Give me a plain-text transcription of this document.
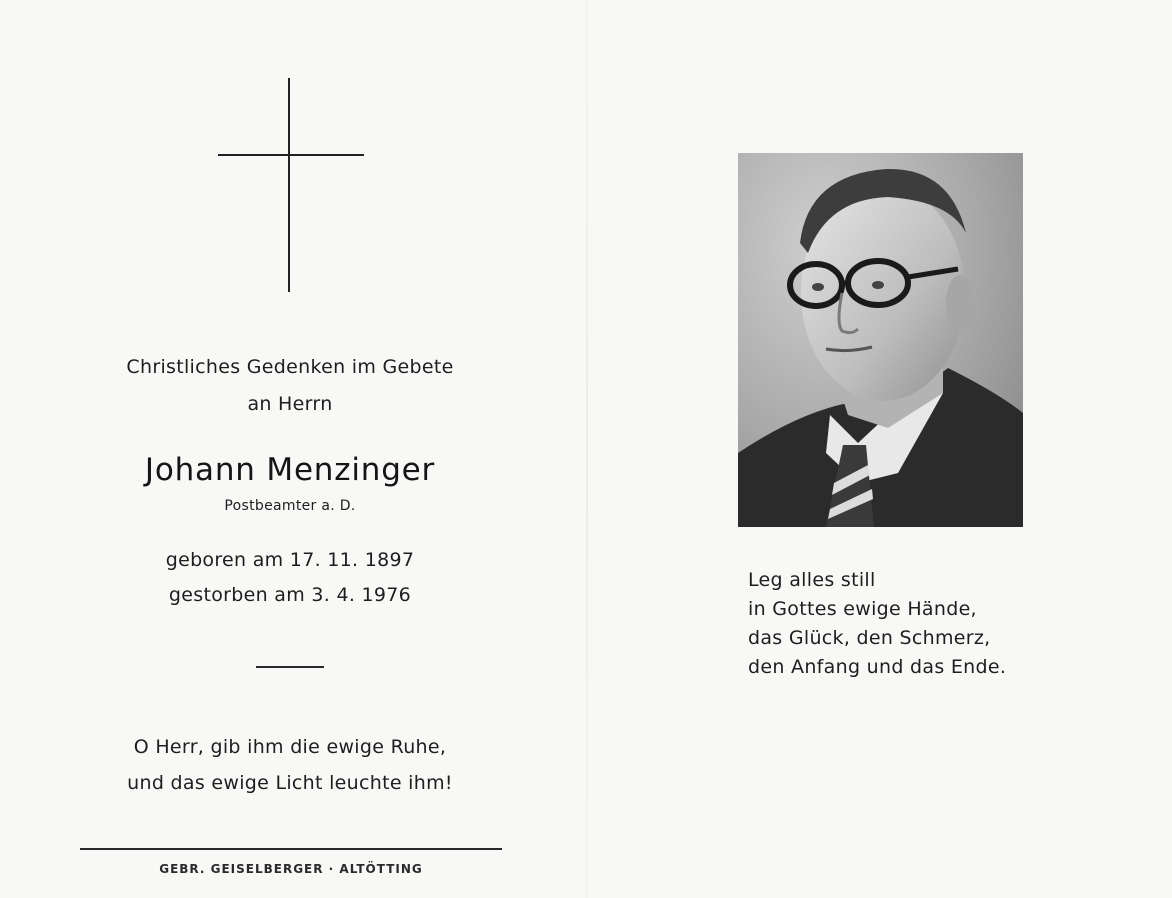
Christliches Gedenken im Gebete

an Herrn

Johann Menzinger

Postbeamter a. D.

geboren am 17. 11. 1897

gestorben am 3. 4. 1976

O Herr, gib ihm die ewige Ruhe,

und das ewige Licht leuchte ihm!

GEBR. GEISELBERGER · ALTÖTTING

Leg alles still

in Gottes ewige Hände,

das Glück, den Schmerz,

den Anfang und das Ende.
